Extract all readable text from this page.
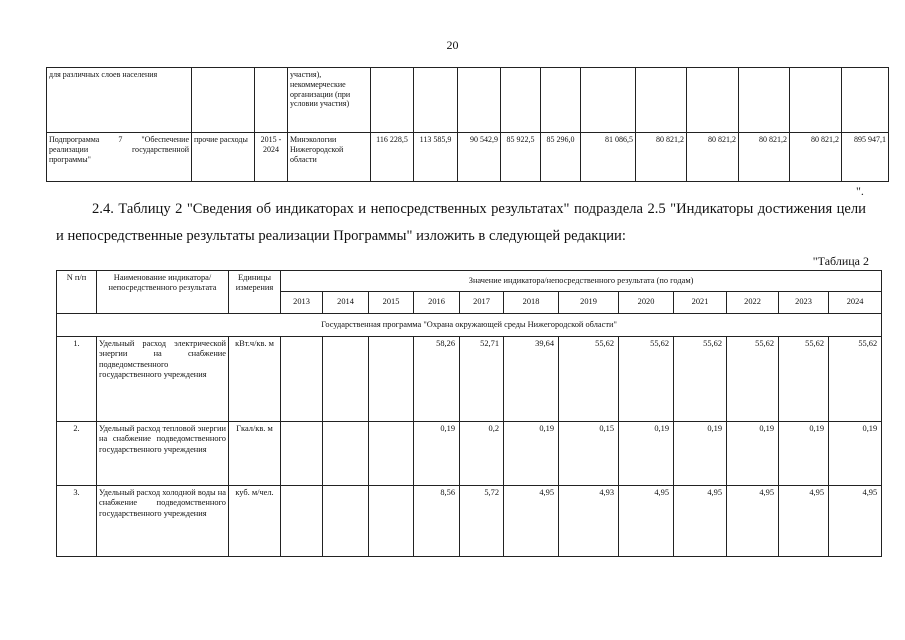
20
для различных слоев населения			участия), некоммерческие организации (при условии участия)											
Подпрограмма 7 "Обеспечение реализации государственной программы"	прочие расходы	2015 - 2024	Минэкологии Нижегородской области	116 228,5	113 585,9	90 542,9	85 922,5	85 296,0	81 086,5	80 821,2	80 821,2	80 821,2	80 821,2	895 947,1
".
2.4. Таблицу 2 "Сведения об индикаторах и непосредственных результатах" подраздела 2.5 "Индикаторы достижения цели и непосредственные результаты реализации Программы" изложить в следующей редакции:
"Таблица 2
N п/п	Наименование индикатора/непосредственного результата	Единицы измерения	Значение индикатора/непосредственного результата (по годам)											
			2013	2014	2015	2016	2017	2018	2019	2020	2021	2022	2023	2024
Государственная программа "Охрана окружающей среды Нижегородской области"														
1.	Удельный расход электрической энергии на снабжение подведомственного государственного учреждения	кВт.ч/кв. м				58,26	52,71	39,64	55,62	55,62	55,62	55,62	55,62	55,62
2.	Удельный расход тепловой энергии на снабжение подведомственного государственного учреждения	Гкал/кв. м				0,19	0,2	0,19	0,15	0,19	0,19	0,19	0,19	0,19
3.	Удельный расход холодной воды на снабжение подведомственного государственного учреждения	куб. м/чел.				8,56	5,72	4,95	4,93	4,95	4,95	4,95	4,95	4,95
